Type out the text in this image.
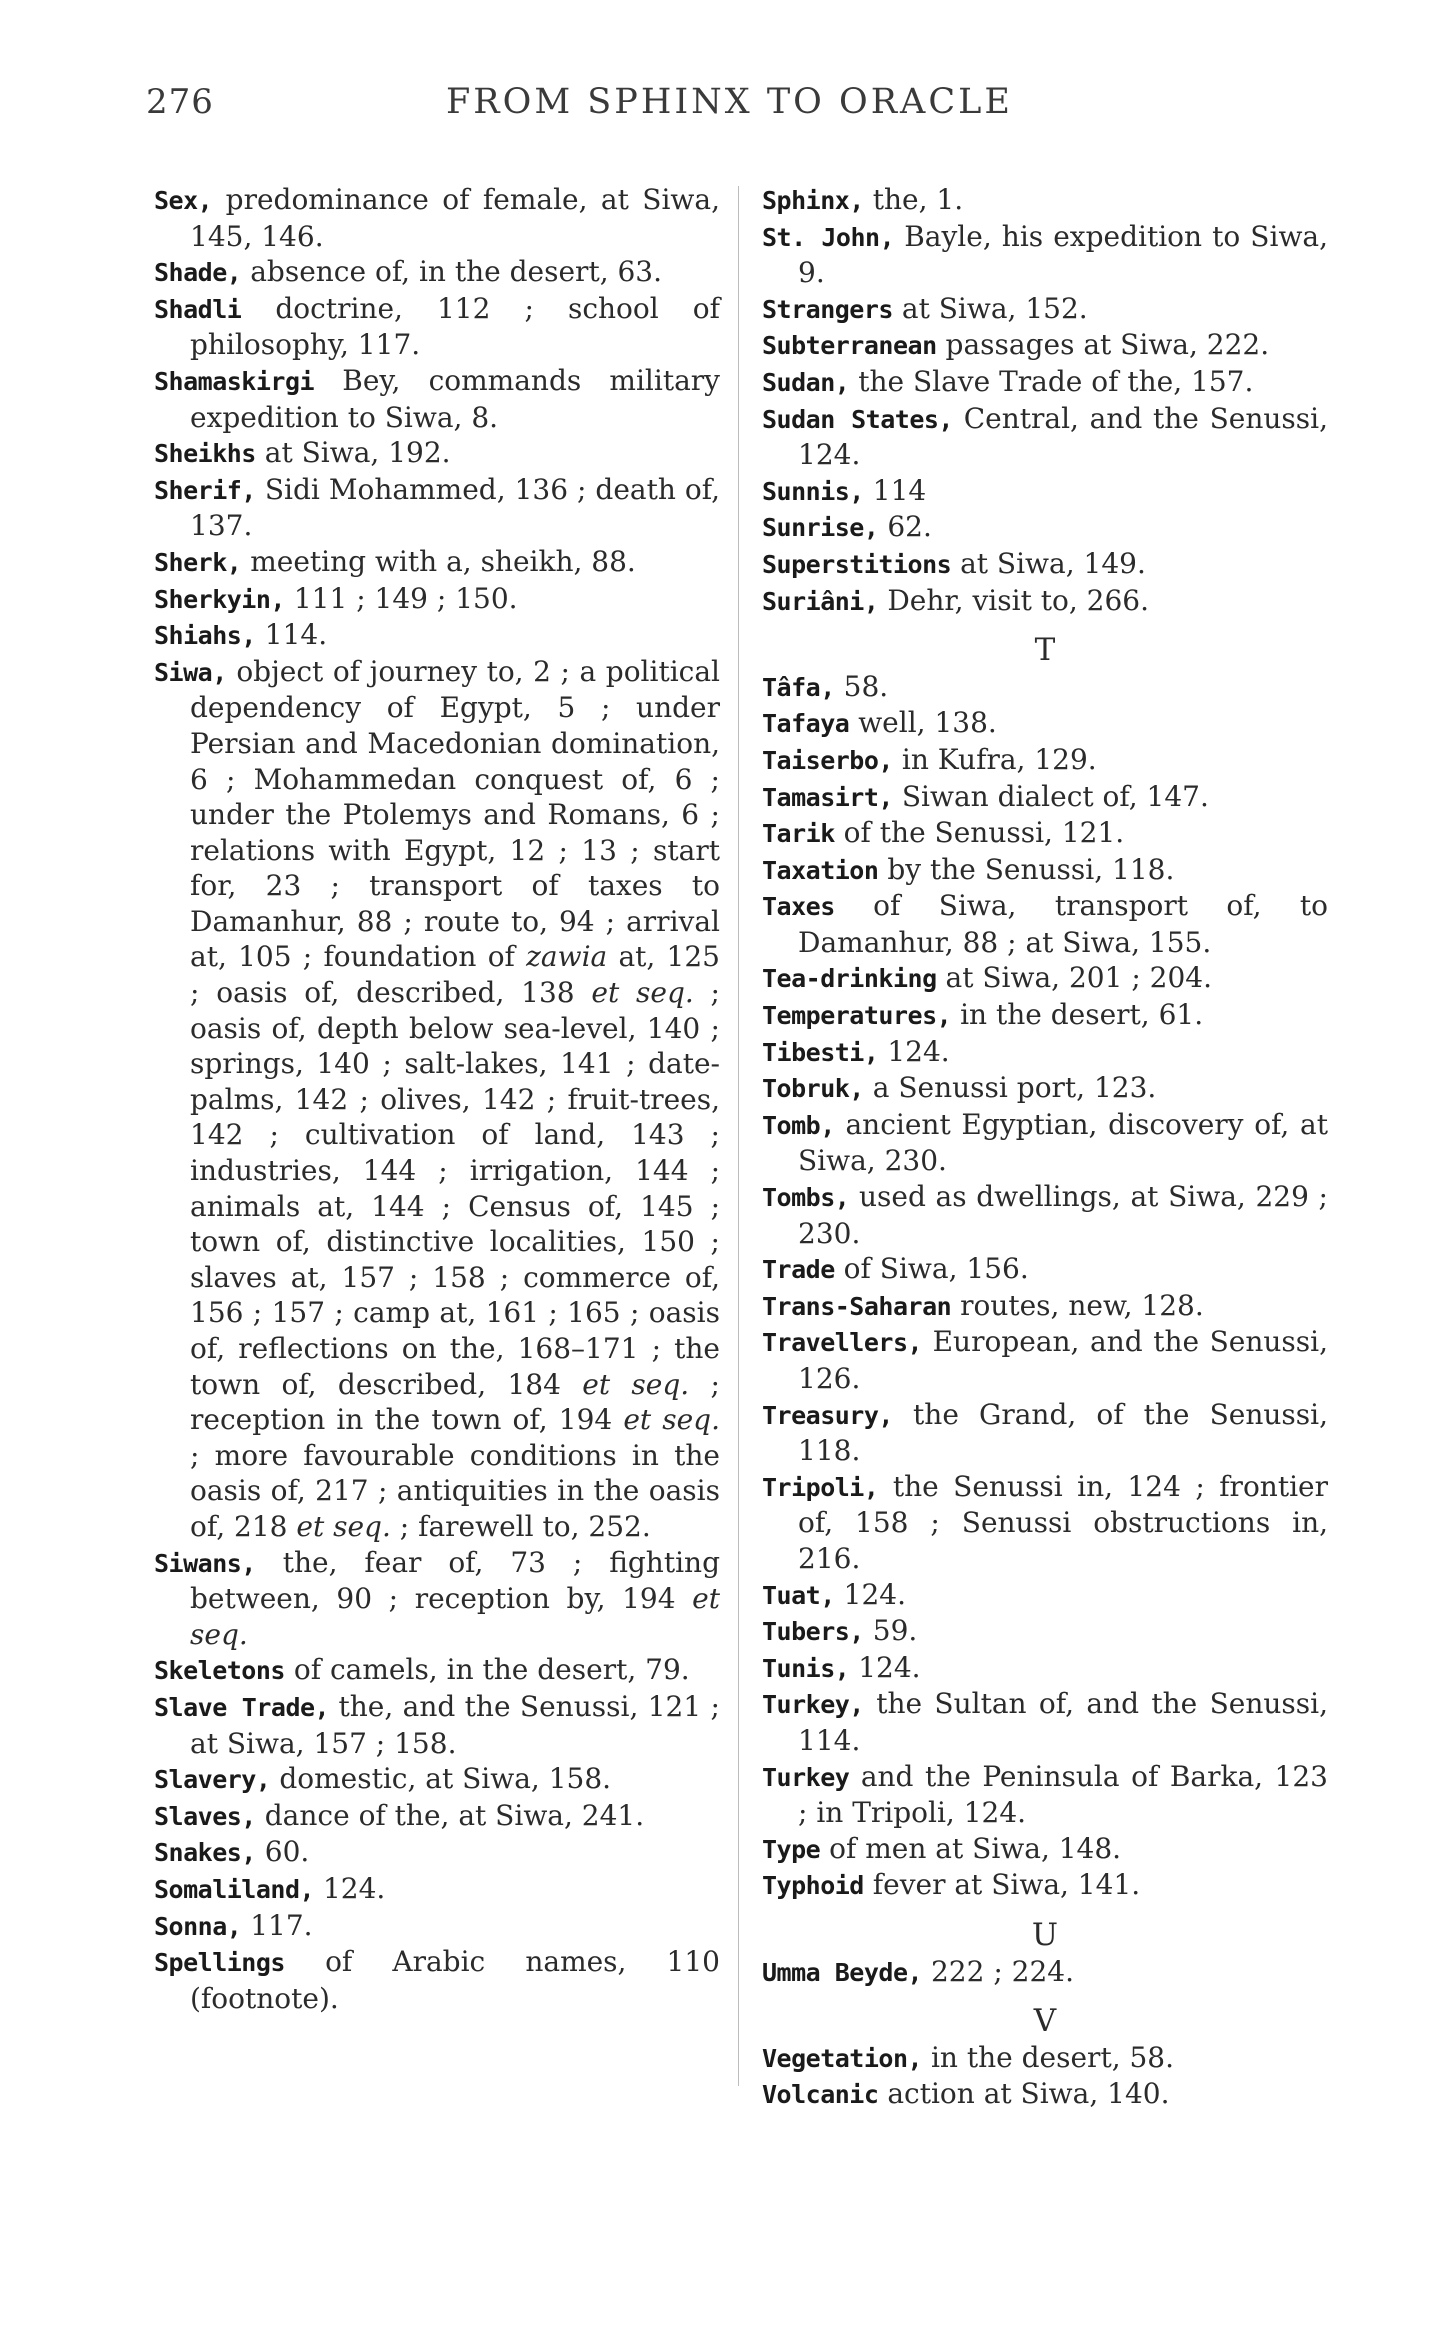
276	FROM SPHINX TO ORACLE

Sex, predominance of female, at Siwa, 145, 146.

Shade, absence of, in the desert, 63.

Shadli doctrine, 112 ; school of philosophy, 117.

Shamaskirgi Bey, commands military expedition to Siwa, 8.

Sheikhs at Siwa, 192.

Sherif, Sidi Mohammed, 136 ; death of, 137.

Sherk, meeting with a, sheikh, 88.

Sherkyin, 111 ; 149 ; 150.

Shiahs, 114.

Siwa, object of journey to, 2 ; a political dependency of Egypt, 5 ; under Persian and Macedonian domination, 6 ; Mohammedan conquest of, 6 ; under the Ptolemys and Romans, 6 ; relations with Egypt, 12 ; 13 ; start for, 23 ; transport of taxes to Damanhur, 88 ; route to, 94 ; arrival at, 105 ; foundation of zawia at, 125 ; oasis of, described, 138 et seq. ; oasis of, depth below sea-level, 140 ; springs, 140 ; salt-lakes, 141 ; date-palms, 142 ; olives, 142 ; fruit-trees, 142 ; cultivation of land, 143 ; industries, 144 ; irrigation, 144 ; animals at, 144 ; Census of, 145 ; town of, distinctive localities, 150 ; slaves at, 157 ; 158 ; commerce of, 156 ; 157 ; camp at, 161 ; 165 ; oasis of, reflections on the, 168–171 ; the town of, described, 184 et seq. ; reception in the town of, 194 et seq. ; more favourable conditions in the oasis of, 217 ; antiquities in the oasis of, 218 et seq. ; farewell to, 252.

Siwans, the, fear of, 73 ; fighting between, 90 ; reception by, 194 et seq.

Skeletons of camels, in the desert, 79.

Slave Trade, the, and the Senussi, 121 ; at Siwa, 157 ; 158.

Slavery, domestic, at Siwa, 158.

Slaves, dance of the, at Siwa, 241.

Snakes, 60.

Somaliland, 124.

Sonna, 117.

Spellings of Arabic names, 110 (footnote).

Sphinx, the, 1.

St. John, Bayle, his expedition to Siwa, 9.

Strangers at Siwa, 152.

Subterranean passages at Siwa, 222.

Sudan, the Slave Trade of the, 157.

Sudan States, Central, and the Senussi, 124.

Sunnis, 114

Sunrise, 62.

Superstitions at Siwa, 149.

Suriâni, Dehr, visit to, 266.

T

Tâfa, 58.

Tafaya well, 138.

Taiserbo, in Kufra, 129.

Tamasirt, Siwan dialect of, 147.

Tarik of the Senussi, 121.

Taxation by the Senussi, 118.

Taxes of Siwa, transport of, to Damanhur, 88 ; at Siwa, 155.

Tea-drinking at Siwa, 201 ; 204.

Temperatures, in the desert, 61.

Tibesti, 124.

Tobruk, a Senussi port, 123.

Tomb, ancient Egyptian, discovery of, at Siwa, 230.

Tombs, used as dwellings, at Siwa, 229 ; 230.

Trade of Siwa, 156.

Trans-Saharan routes, new, 128.

Travellers, European, and the Senussi, 126.

Treasury, the Grand, of the Senussi, 118.

Tripoli, the Senussi in, 124 ; frontier of, 158 ; Senussi obstructions in, 216.

Tuat, 124.

Tubers, 59.

Tunis, 124.

Turkey, the Sultan of, and the Senussi, 114.

Turkey and the Peninsula of Barka, 123 ; in Tripoli, 124.

Type of men at Siwa, 148.

Typhoid fever at Siwa, 141.

U

Umma Beyde, 222 ; 224.

V

Vegetation, in the desert, 58.

Volcanic action at Siwa, 140.
